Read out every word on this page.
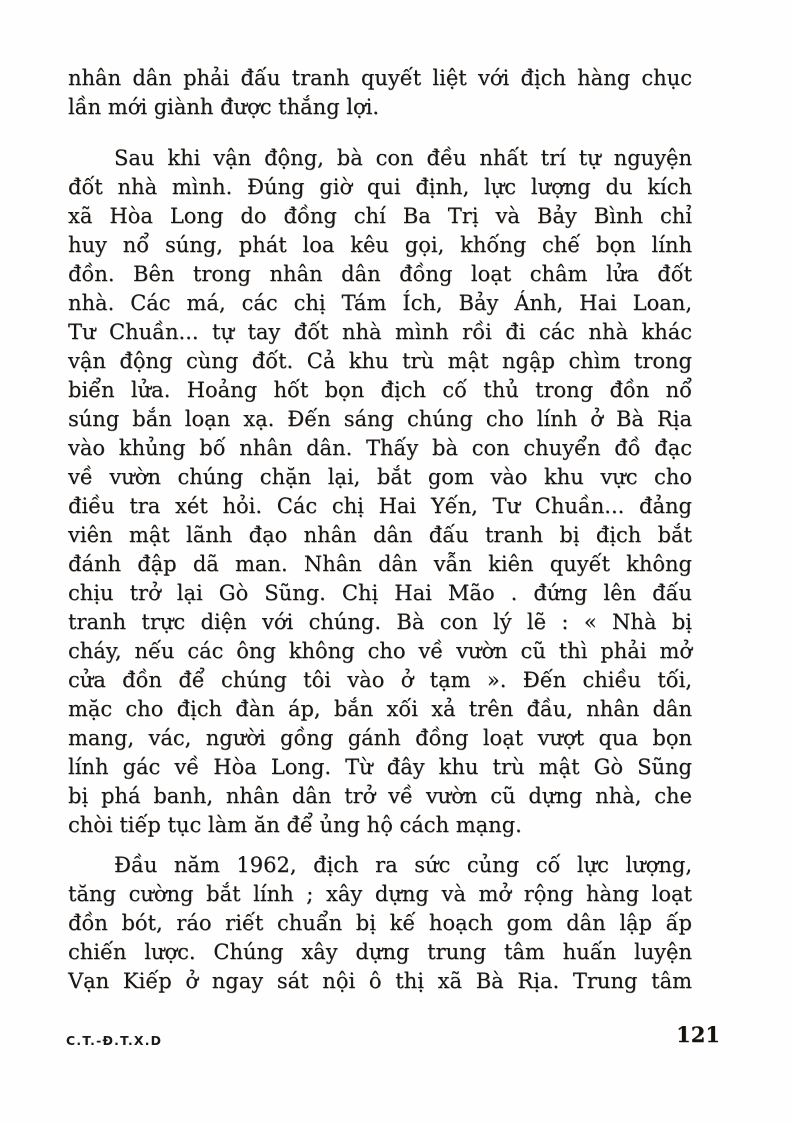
nhân dân phải đấu tranh quyết liệt với địch hàng chục
lần mới giành được thắng lợi.
Sau khi vận động, bà con đều nhất trí tự nguyện
đốt nhà mình. Đúng giờ qui định, lực lượng du kích
xã Hòa Long do đồng chí Ba Trị và Bảy Bình chỉ
huy nổ súng, phát loa kêu gọi, khống chế bọn lính
đồn. Bên trong nhân dân đồng loạt châm lửa đốt
nhà. Các má, các chị Tám Ích, Bảy Ánh, Hai Loan,
Tư Chuần... tự tay đốt nhà mình rồi đi các nhà khác
vận động cùng đốt. Cả khu trù mật ngập chìm trong
biển lửa. Hoảng hốt bọn địch cố thủ trong đồn nổ
súng bắn loạn xạ. Đến sáng chúng cho lính ở Bà Rịa
vào khủng bố nhân dân. Thấy bà con chuyển đồ đạc
về vườn chúng chặn lại, bắt gom vào khu vực cho
điều tra xét hỏi. Các chị Hai Yến, Tư Chuần... đảng
viên mật lãnh đạo nhân dân đấu tranh bị địch bắt
đánh đập dã man. Nhân dân vẫn kiên quyết không
chịu trở lại Gò Sũng. Chị Hai Mão . đứng lên đấu
tranh trực diện với chúng. Bà con lý lẽ : « Nhà bị
cháy, nếu các ông không cho về vườn cũ thì phải mở
cửa đồn để chúng tôi vào ở tạm ». Đến chiều tối,
mặc cho địch đàn áp, bắn xối xả trên đầu, nhân dân
mang, vác, người gồng gánh đồng loạt vượt qua bọn
lính gác về Hòa Long. Từ đây khu trù mật Gò Sũng
bị phá banh, nhân dân trở về vườn cũ dựng nhà, che
chòi tiếp tục làm ăn để ủng hộ cách mạng.
Đầu năm 1962, địch ra sức củng cố lực lượng,
tăng cường bắt lính ; xây dựng và mở rộng hàng loạt
đồn bót, ráo riết chuẩn bị kế hoạch gom dân lập ấp
chiến lược. Chúng xây dựng trung tâm huấn luyện
Vạn Kiếp ở ngay sát nội ô thị xã Bà Rịa. Trung tâm
C.T.-Đ.T.X.D	121
